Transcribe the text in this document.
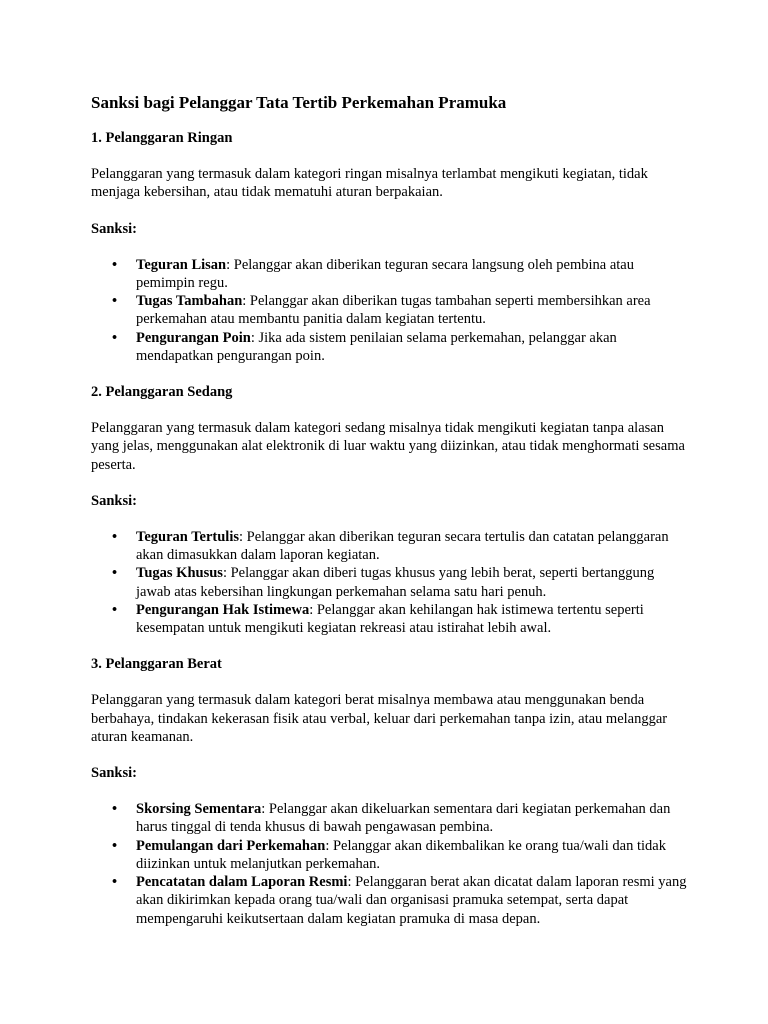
Sanksi bagi Pelanggar Tata Tertib Perkemahan Pramuka

1. Pelanggaran Ringan

Pelanggaran yang termasuk dalam kategori ringan misalnya terlambat mengikuti kegiatan, tidak menjaga kebersihan, atau tidak mematuhi aturan berpakaian.

Sanksi:

• Teguran Lisan: Pelanggar akan diberikan teguran secara langsung oleh pembina atau pemimpin regu.
• Tugas Tambahan: Pelanggar akan diberikan tugas tambahan seperti membersihkan area perkemahan atau membantu panitia dalam kegiatan tertentu.
• Pengurangan Poin: Jika ada sistem penilaian selama perkemahan, pelanggar akan mendapatkan pengurangan poin.

2. Pelanggaran Sedang

Pelanggaran yang termasuk dalam kategori sedang misalnya tidak mengikuti kegiatan tanpa alasan yang jelas, menggunakan alat elektronik di luar waktu yang diizinkan, atau tidak menghormati sesama peserta.

Sanksi:

• Teguran Tertulis: Pelanggar akan diberikan teguran secara tertulis dan catatan pelanggaran akan dimasukkan dalam laporan kegiatan.
• Tugas Khusus: Pelanggar akan diberi tugas khusus yang lebih berat, seperti bertanggung jawab atas kebersihan lingkungan perkemahan selama satu hari penuh.
• Pengurangan Hak Istimewa: Pelanggar akan kehilangan hak istimewa tertentu seperti kesempatan untuk mengikuti kegiatan rekreasi atau istirahat lebih awal.

3. Pelanggaran Berat

Pelanggaran yang termasuk dalam kategori berat misalnya membawa atau menggunakan benda berbahaya, tindakan kekerasan fisik atau verbal, keluar dari perkemahan tanpa izin, atau melanggar aturan keamanan.

Sanksi:

• Skorsing Sementara: Pelanggar akan dikeluarkan sementara dari kegiatan perkemahan dan harus tinggal di tenda khusus di bawah pengawasan pembina.
• Pemulangan dari Perkemahan: Pelanggar akan dikembalikan ke orang tua/wali dan tidak diizinkan untuk melanjutkan perkemahan.
• Pencatatan dalam Laporan Resmi: Pelanggaran berat akan dicatat dalam laporan resmi yang akan dikirimkan kepada orang tua/wali dan organisasi pramuka setempat, serta dapat mempengaruhi keikutsertaan dalam kegiatan pramuka di masa depan.
